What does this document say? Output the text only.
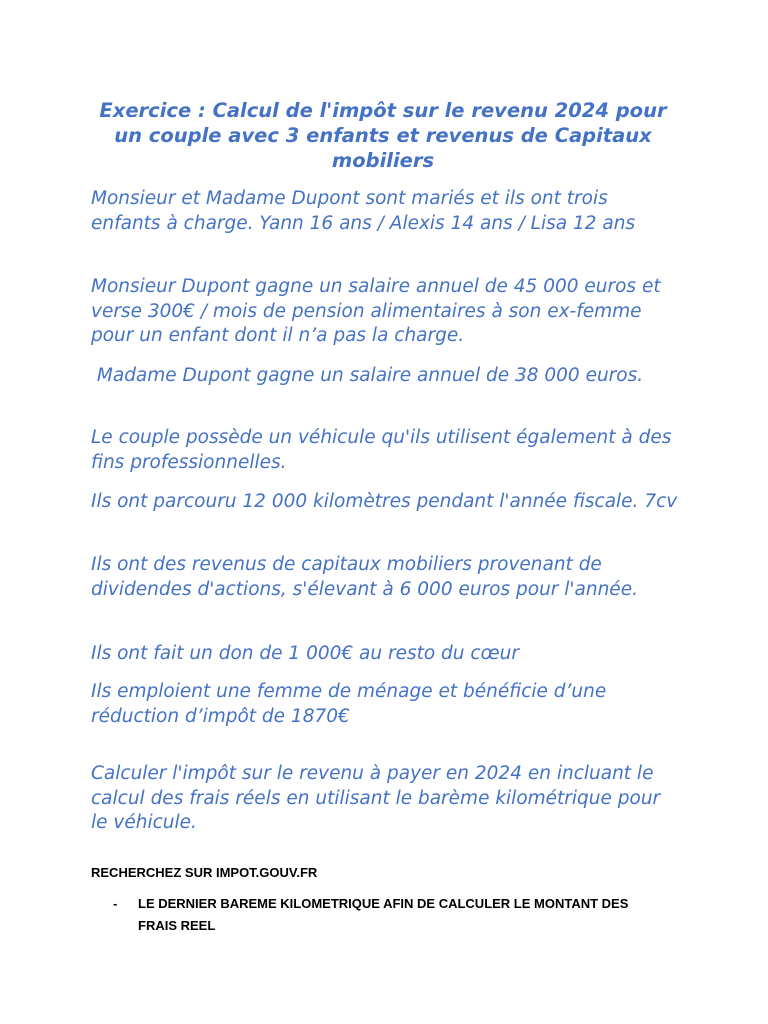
Exercice : Calcul de l'impôt sur le revenu 2024 pour un couple avec 3 enfants et revenus de Capitaux mobiliers

Monsieur et Madame Dupont sont mariés et ils ont trois enfants à charge. Yann 16 ans / Alexis 14 ans / Lisa 12 ans

Monsieur Dupont gagne un salaire annuel de 45 000 euros et verse 300€ / mois de pension alimentaires à son ex-femme pour un enfant dont il n’a pas la charge.

Madame Dupont gagne un salaire annuel de 38 000 euros.

Le couple possède un véhicule qu'ils utilisent également à des fins professionnelles.

Ils ont parcouru 12 000 kilomètres pendant l'année fiscale. 7cv

Ils ont des revenus de capitaux mobiliers provenant de dividendes d'actions, s'élevant à 6 000 euros pour l'année.

Ils ont fait un don de 1 000€ au resto du cœur

Ils emploient une femme de ménage et bénéficie d’une réduction d’impôt de 1870€

Calculer l'impôt sur le revenu à payer en 2024 en incluant le calcul des frais réels en utilisant le barème kilométrique pour le véhicule.

RECHERCHEZ SUR IMPOT.GOUV.FR

- LE DERNIER BAREME KILOMETRIQUE AFIN DE CALCULER LE MONTANT DES FRAIS REEL
